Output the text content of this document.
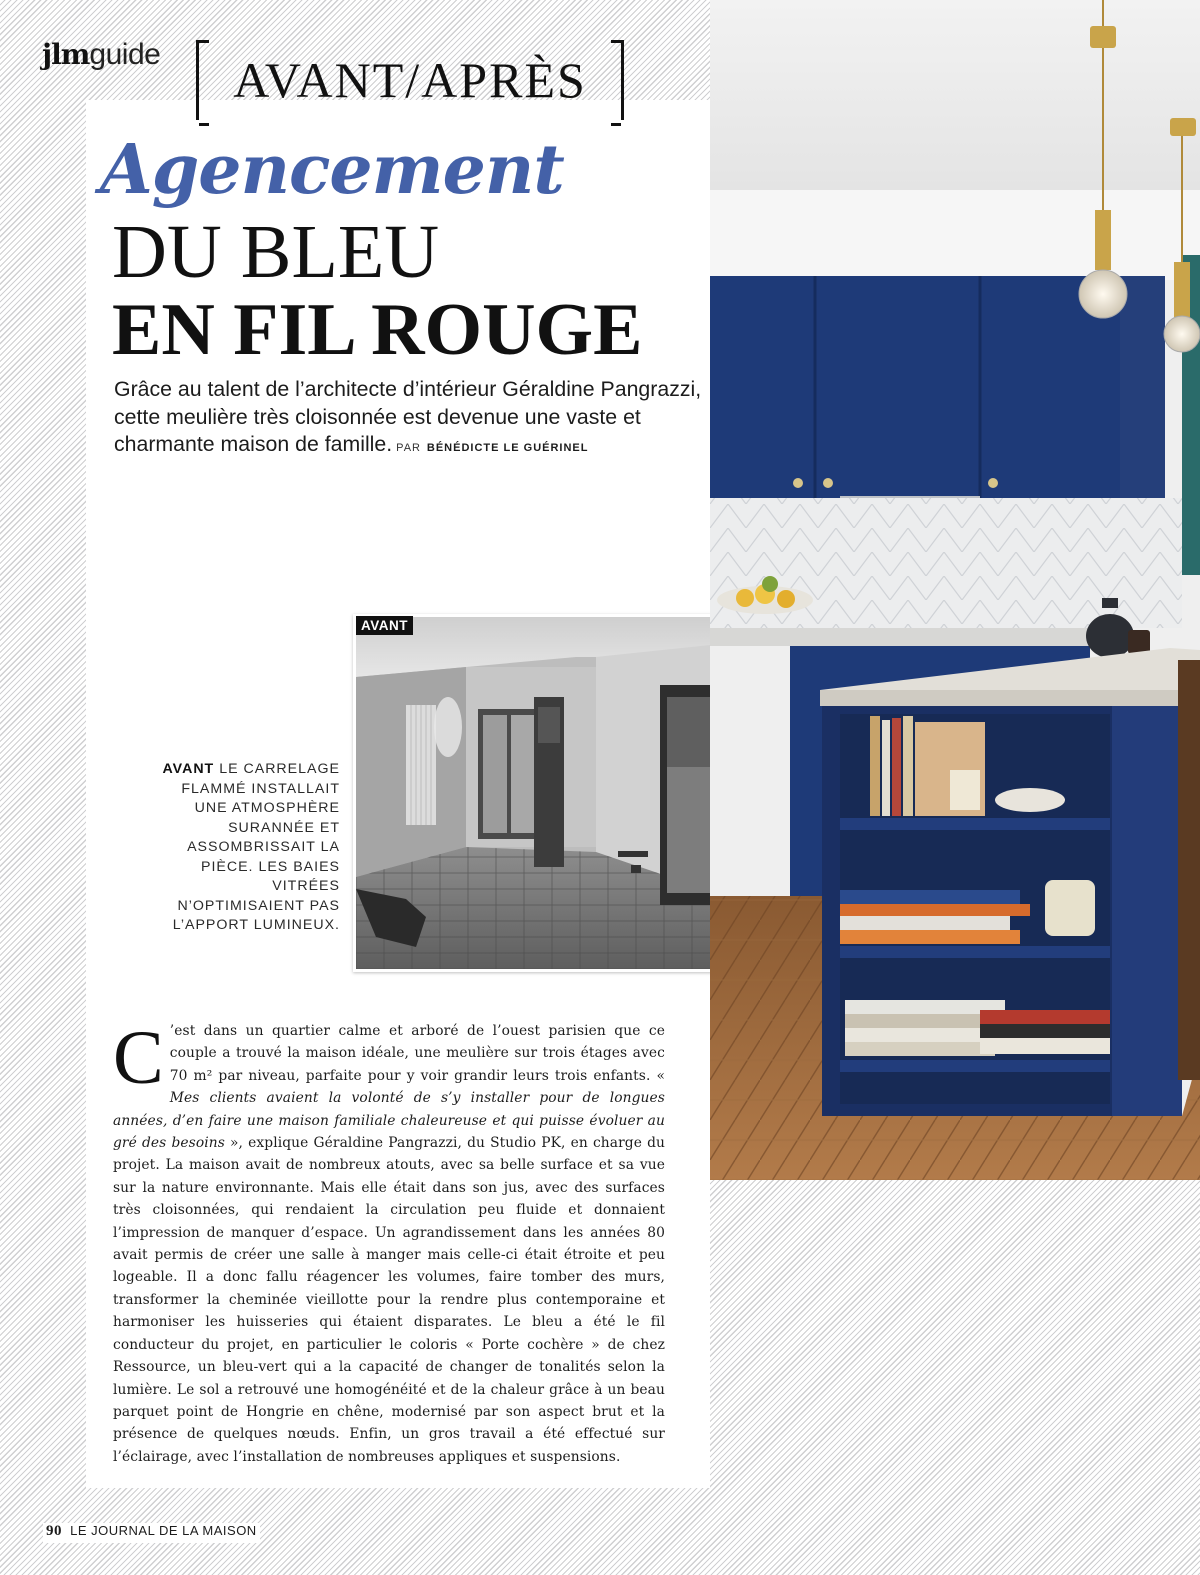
jlmguide	AVANT/APRÈS
Agencement
DU BLEU
EN FIL ROUGE

Grâce au talent de l’architecte d’intérieur Géraldine Pangrazzi, cette meulière très cloisonnée est devenue une vaste et charmante maison de famille. PAR BÉNÉDICTE LE GUÉRINEL

AVANT

AVANT LE CARRELAGE FLAMMÉ INSTALLAIT UNE ATMOSPHÈRE SURANNÉE ET ASSOMBRISSAIT LA PIÈCE. LES BAIES VITRÉES N’OPTIMISAIENT PAS L’APPORT LUMINEUX.

C ’est dans un quartier calme et arboré de l’ouest parisien que ce couple a trouvé la maison idéale, une meulière sur trois étages avec 70 m² par niveau, parfaite pour y voir grandir leurs trois enfants. « Mes clients avaient la volonté de s’y installer pour de longues années, d’en faire une maison familiale chaleureuse et qui puisse évoluer au gré des besoins », explique Géraldine Pangrazzi, du Studio PK, en charge du projet. La maison avait de nombreux atouts, avec sa belle surface et sa vue sur la nature environnante. Mais elle était dans son jus, avec des surfaces très cloisonnées, qui rendaient la circulation peu fluide et donnaient l’impression de manquer d’espace. Un agrandissement dans les années 80 avait permis de créer une salle à manger mais celle-ci était étroite et peu logeable. Il a donc fallu réagencer les volumes, faire tomber des murs, transformer la cheminée vieillotte pour la rendre plus contemporaine et harmoniser les huisseries qui étaient disparates. Le bleu a été le fil conducteur du projet, en particulier le coloris « Porte cochère » de chez Ressource, un bleu-vert qui a la capacité de changer de tonalités selon la lumière. Le sol a retrouvé une homogénéité et de la chaleur grâce à un beau parquet point de Hongrie en chêne, modernisé par son aspect brut et la présence de quelques nœuds. Enfin, un gros travail a été effectué sur l’éclairage, avec l’installation de nombreuses appliques et suspensions.
90 LE JOURNAL DE LA MAISON
